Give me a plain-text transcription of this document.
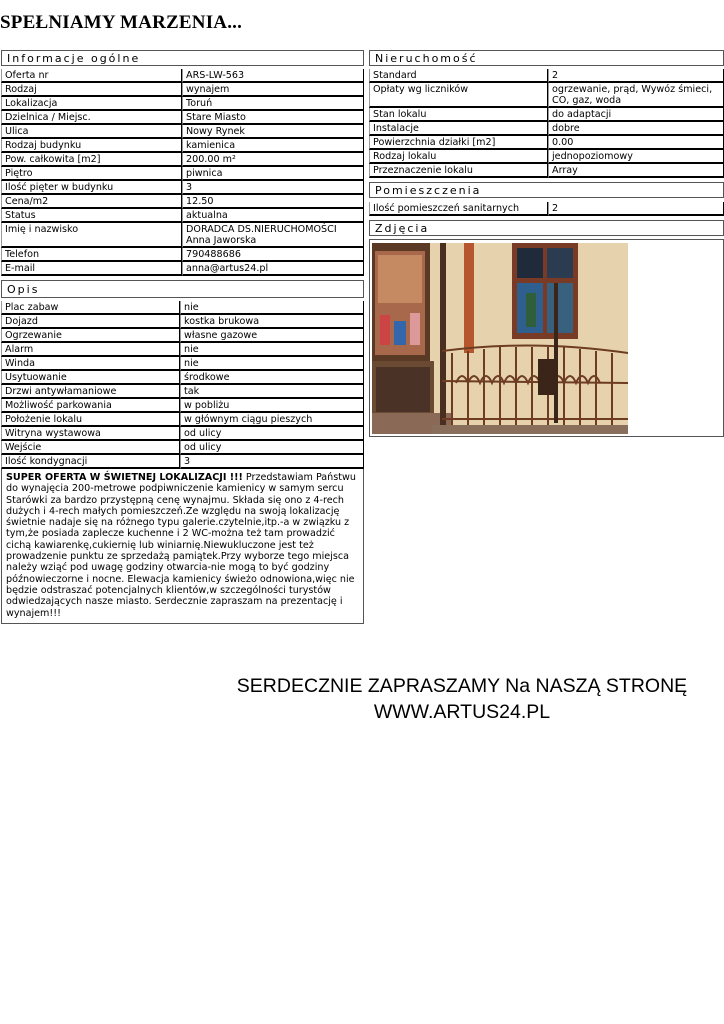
SPEŁNIAMY MARZENIA...
Informacje ogólne
Oferta nr	ARS-LW-563
Rodzaj	wynajem
Lokalizacja	Toruń
Dzielnica / Miejsc.	Stare Miasto
Ulica	Nowy Rynek
Rodzaj budynku	kamienica
Pow. całkowita [m2]	200.00 m²
Piętro	piwnica
Ilość pięter w budynku	3
Cena/m2	12.50
Status	aktualna
Imię i nazwisko	DORADCA DS.NIERUCHOMOŚCI Anna Jaworska
Telefon	790488686
E-mail	anna@artus24.pl
Opis
Plac zabaw	nie
Dojazd	kostka brukowa
Ogrzewanie	własne gazowe
Alarm	nie
Winda	nie
Usytuowanie	środkowe
Drzwi antywłamaniowe	tak
Możliwość parkowania	w pobliżu
Położenie lokalu	w głównym ciągu pieszych
Witryna wystawowa	od ulicy
Wejście	od ulicy
Ilość kondygnacji	3
SUPER OFERTA W ŚWIETNEJ LOKALIZACJI !!! Przedstawiam Państwu do wynajęcia 200-metrowe podpiwniczenie kamienicy w samym sercu Starówki za bardzo przystępną cenę wynajmu. Składa się ono z 4-rech dużych i 4-rech małych pomieszczeń.Ze względu na swoją lokalizację świetnie nadaje się na różnego typu galerie.czytelnie,itp.-a w związku z tym,że posiada zaplecze kuchenne i 2 WC-można też tam prowadzić cichą kawiarenkę,cukiernię lub winiarnię.Niewukluczone jest też prowadzenie punktu ze sprzedażą pamiątek.Przy wyborze tego miejsca należy wziąć pod uwagę godziny otwarcia-nie mogą to być godziny późnowieczorne i nocne. Elewacja kamienicy świeżo odnowiona,więc nie będzie odstraszać potencjalnych klientów,w szczególności turystów odwiedzających nasze miasto. Serdecznie zapraszam na prezentację i wynajem!!!
Nieruchomość
Standard	2
Opłaty wg liczników	ogrzewanie, prąd, Wywóz śmieci, CO, gaz, woda
Stan lokalu	do adaptacji
Instalacje	dobre
Powierzchnia działki [m2]	0.00
Rodzaj lokalu	jednopoziomowy
Przeznaczenie lokalu	Array
Pomieszczenia
Ilość pomieszczeń sanitarnych	2
Zdjęcia
SERDECZNIE ZAPRASZAMY Na NASZĄ STRONĘ
WWW.ARTUS24.PL
